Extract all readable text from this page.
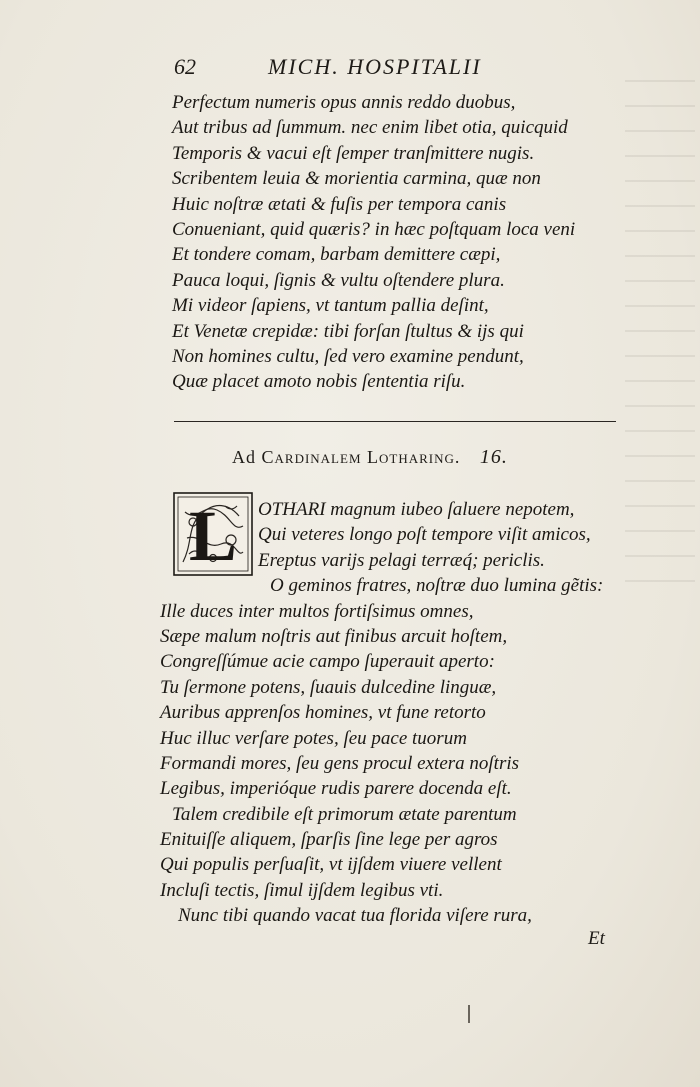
62	MICH. HOSPITALII
Perfectum numeris opus annis reddo duobus,
Aut tribus ad ſummum. nec enim libet otia, quicquid
Temporis & vacui eſt ſemper tranſmittere nugis.
Scribentem leuia & morientia carmina, quæ non
Huic noſtræ ætati & fuſis per tempora canis
Conueniant, quid quæris? in hæc poſtquam loca veni
Et tondere comam, barbam demittere cæpi,
Pauca loqui, ſignis & vultu oſtendere plura.
Mi videor ſapiens, vt tantum pallia deſint,
Et Venetæ crepidæ: tibi forſan ſtultus & ijs qui
Non homines cultu, ſed vero examine pendunt,
Quæ placet amoto nobis ſententia riſu.
Ad Cardinalem Lotharing. 16.
L	OTHARI magnum iubeo ſaluere nepotem,
Qui veteres longo poſt tempore viſit amicos,
Ereptus varijs pelagi terræq́; periclis.
O geminos fratres, noſtræ duo lumina gẽtis:
Ille duces inter multos fortiſsimus omnes,
Sæpe malum noſtris aut finibus arcuit hoſtem,
Congreſſúmue acie campo ſuperauit aperto:
Tu ſermone potens, ſuauis dulcedine linguæ,
Auribus apprenſos homines, vt fune retorto
Huc illuc verſare potes, ſeu pace tuorum
Formandi mores, ſeu gens procul extera noſtris
Legibus, imperióque rudis parere docenda eſt.
Talem credibile eſt primorum ætate parentum
Enituiſſe aliquem, ſparſis ſine lege per agros
Qui populis perſuaſit, vt ijſdem viuere vellent
Incluſi tectis, ſimul ijſdem legibus vti.
Nunc tibi quando vacat tua florida viſere rura,
Et
